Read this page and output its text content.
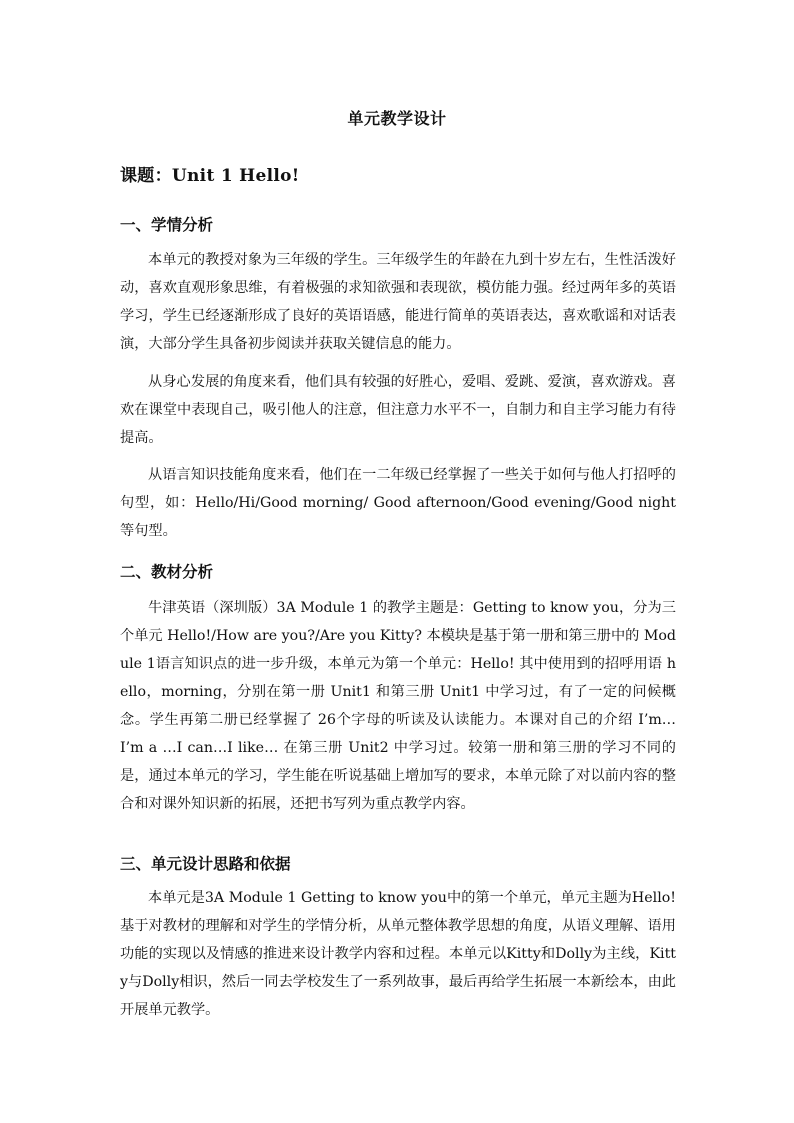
单元教学设计
课题：Unit 1 Hello!
一、学情分析

本单元的教授对象为三年级的学生。三年级学生的年龄在九到十岁左右，生性活泼好动，喜欢直观形象思维，有着极强的求知欲强和表现欲，模仿能力强。经过两年多的英语学习，学生已经逐渐形成了良好的英语语感，能进行简单的英语表达，喜欢歌谣和对话表演，大部分学生具备初步阅读并获取关键信息的能力。

从身心发展的角度来看，他们具有较强的好胜心，爱唱、爱跳、爱演，喜欢游戏。喜欢在课堂中表现自己，吸引他人的注意，但注意力水平不一，自制力和自主学习能力有待提高。

从语言知识技能角度来看，他们在一二年级已经掌握了一些关于如何与他人打招呼的句型，如：Hello/Hi/Good morning/ Good afternoon/Good evening/Good night 等句型。

二、教材分析

牛津英语（深圳版）3A Module 1 的教学主题是：Getting to know you，分为三个单元 Hello!/How are you?/Are you Kitty? 本模块是基于第一册和第三册中的 Module 1语言知识点的进一步升级，本单元为第一个单元：Hello! 其中使用到的招呼用语 hello，morning，分别在第一册 Unit1 和第三册 Unit1 中学习过，有了一定的问候概念。学生再第二册已经掌握了 26个字母的听读及认读能力。本课对自己的介绍 I’m… I’m a …I can…I like… 在第三册 Unit2 中学习过。较第一册和第三册的学习不同的是，通过本单元的学习，学生能在听说基础上增加写的要求，本单元除了对以前内容的整合和对课外知识新的拓展，还把书写列为重点教学内容。

三、单元设计思路和依据

本单元是3A Module 1 Getting to know you中的第一个单元，单元主题为Hello! 基于对教材的理解和对学生的学情分析，从单元整体教学思想的角度，从语义理解、语用功能的实现以及情感的推进来设计教学内容和过程。本单元以Kitty和Dolly为主线，Kitty与Dolly相识，然后一同去学校发生了一系列故事，最后再给学生拓展一本新绘本，由此开展单元教学。
